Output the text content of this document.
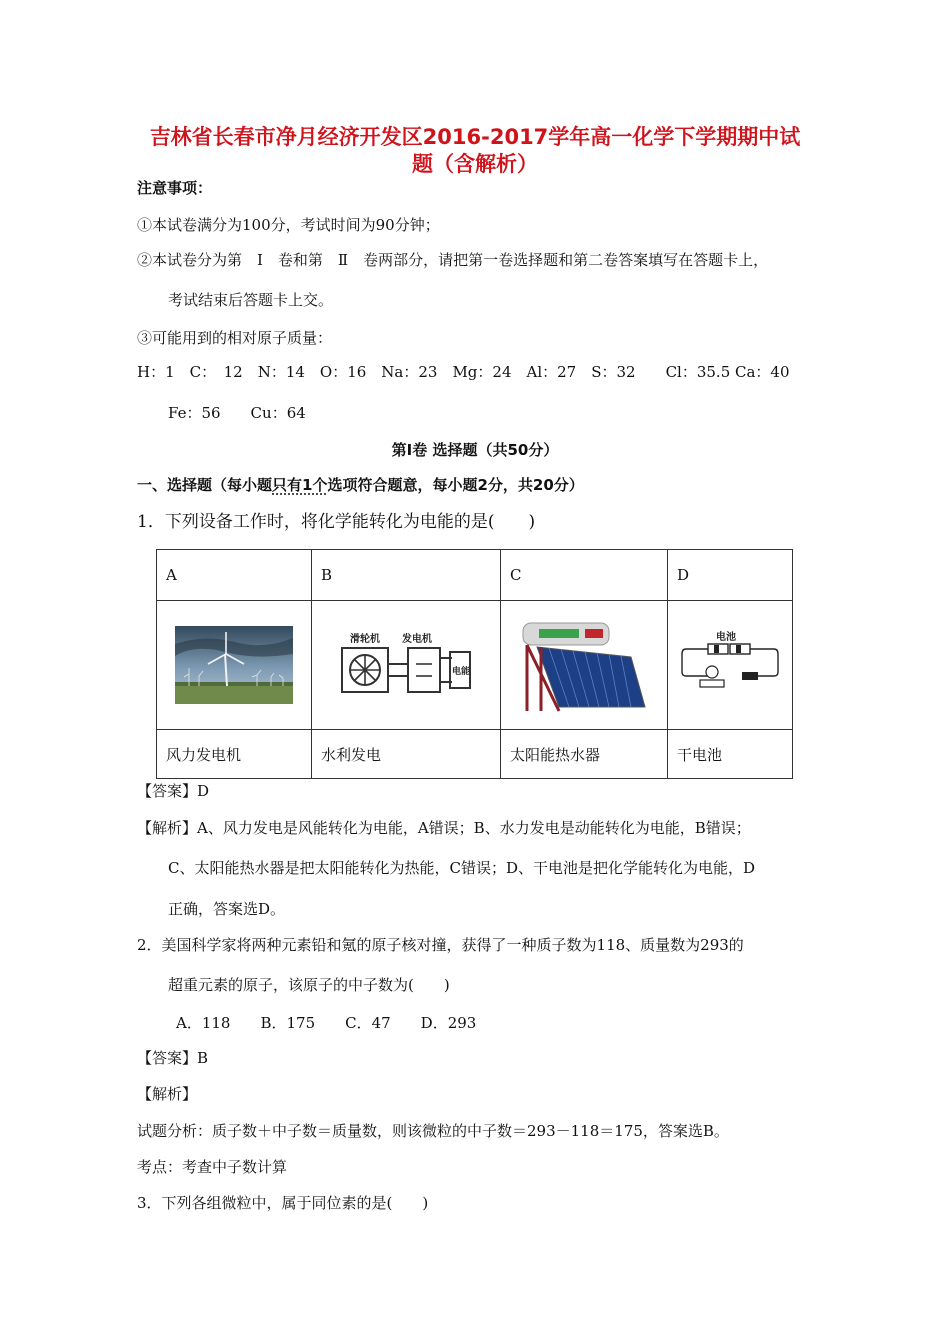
吉林省长春市净月经济开发区2016-2017学年高一化学下学期期中试
题（含解析）
注意事项：
①本试卷满分为100分，考试时间为90分钟；
②本试卷分为第　Ⅰ　卷和第　Ⅱ　卷两部分，请把第一卷选择题和第二卷答案填写在答题卡上，
考试结束后答题卡上交。
③可能用到的相对原子质量：
H：1　C：　12　N：14　O：16　Na：23　Mg：24　Al：27　S：32　　Cl：35.5 Ca：40
Fe：56　　Cu：64
第Ⅰ卷 选择题（共50分）
一、选择题（每小题只有1个选项符合题意，每小题2分，共20分）
1．下列设备工作时，将化学能转化为电能的是(　　)
A	B	C	D

滑轮机 发电机
电能		电池

风力发电机	水利发电	太阳能热水器	干电池
【答案】D
【解析】A、风力发电是风能转化为电能，A错误；B、水力发电是动能转化为电能，B错误；
C、太阳能热水器是把太阳能转化为热能，C错误；D、干电池是把化学能转化为电能，D
正确，答案选D。
2．美国科学家将两种元素铅和氪的原子核对撞，获得了一种质子数为118、质量数为293的
超重元素的原子，该原子的中子数为(　　)
A．118　　B．175　　C．47　　D．293
【答案】B
【解析】
试题分析：质子数＋中子数＝质量数，则该微粒的中子数＝293－118＝175，答案选B。
考点：考查中子数计算
3．下列各组微粒中，属于同位素的是(　　)
